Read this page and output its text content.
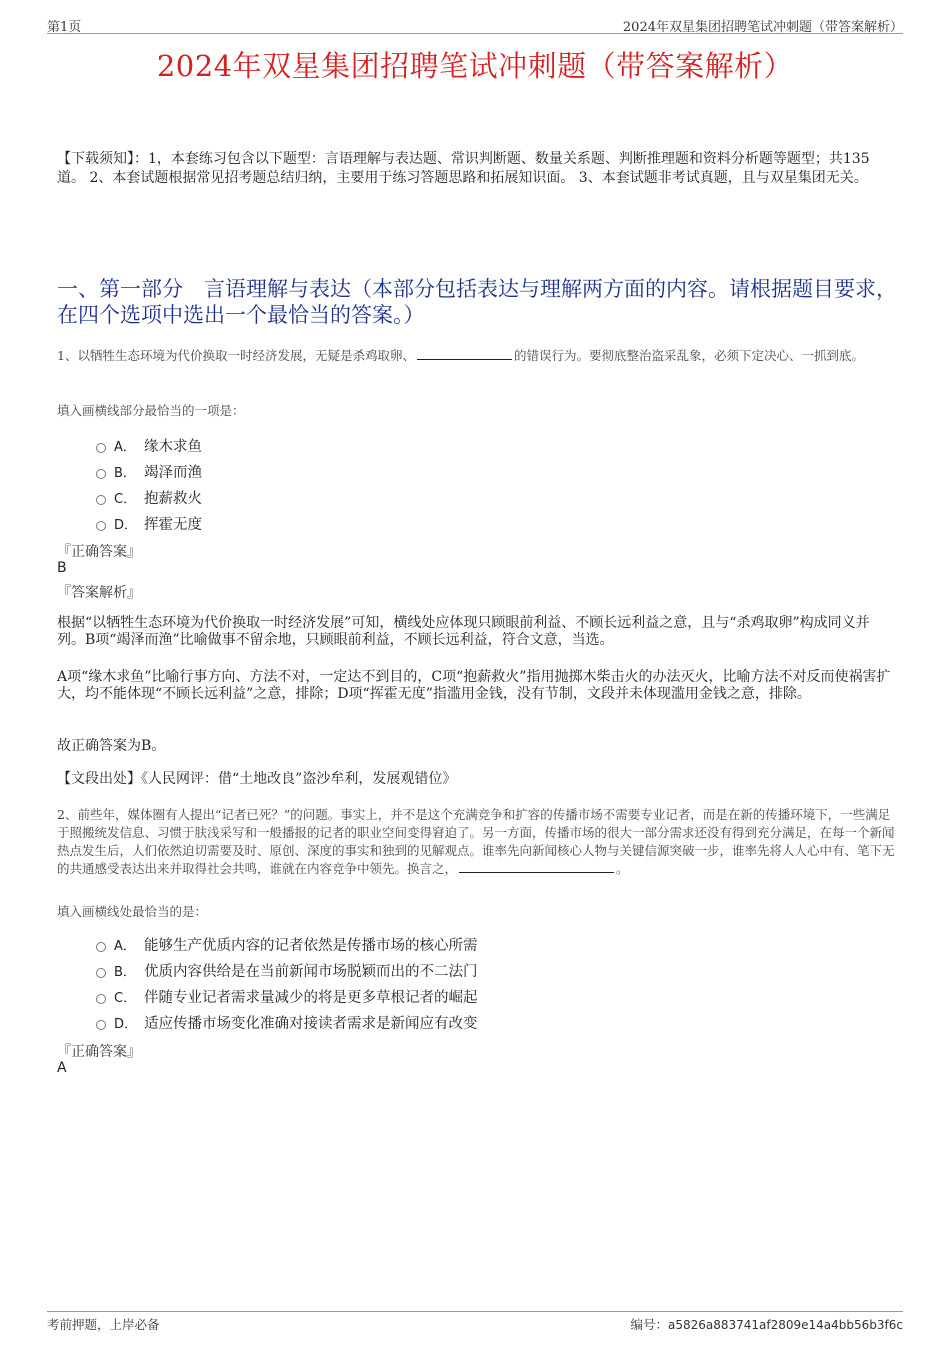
第1页	2024年双星集团招聘笔试冲刺题（带答案解析）
2024年双星集团招聘笔试冲刺题（带答案解析）
【下载须知】：1，本套练习包含以下题型：言语理解与表达题、常识判断题、数量关系题、判断推理题和资料分析题等题型；共135道。 2、本套试题根据常见招考题总结归纳，主要用于练习答题思路和拓展知识面。 3、本套试题非考试真题，且与双星集团无关。
一、第一部分　言语理解与表达（本部分包括表达与理解两方面的内容。请根据题目要求，在四个选项中选出一个最恰当的答案。）
1、以牺牲生态环境为代价换取一时经济发展，无疑是杀鸡取卵、	的错误行为。要彻底整治盗采乱象，必须下定决心、一抓到底。
填入画横线部分最恰当的一项是：
A． 缘木求鱼
B． 竭泽而渔
C． 抱薪救火
D． 挥霍无度
『正确答案』
B
『答案解析』
根据“以牺牲生态环境为代价换取一时经济发展”可知，横线处应体现只顾眼前利益、不顾长远利益之意，且与“杀鸡取卵”构成同义并列。B项“竭泽而渔”比喻做事不留余地，只顾眼前利益，不顾长远利益，符合文意，当选。
A项“缘木求鱼”比喻行事方向、方法不对，一定达不到目的，C项“抱薪救火”指用抛掷木柴击火的办法灭火，比喻方法不对反而使祸害扩大，均不能体现“不顾长远利益”之意，排除；D项“挥霍无度”指滥用金钱，没有节制，文段并未体现滥用金钱之意，排除。
故正确答案为B。
【文段出处】《人民网评：借“土地改良”盗沙牟利，发展观错位》
2、前些年，媒体圈有人提出“记者已死？”的问题。事实上，并不是这个充满竞争和扩容的传播市场不需要专业记者，而是在新的传播环境下，一些满足于照搬统发信息、习惯于肤浅采写和一般播报的记者的职业空间变得窘迫了。另一方面，传播市场的很大一部分需求还没有得到充分满足，在每一个新闻热点发生后，人们依然迫切需要及时、原创、深度的事实和独到的见解观点。谁率先向新闻核心人物与关键信源突破一步，谁率先将人人心中有、笔下无的共通感受表达出来并取得社会共鸣，谁就在内容竞争中领先。换言之，	。
填入画横线处最恰当的是：
A． 能够生产优质内容的记者依然是传播市场的核心所需
B． 优质内容供给是在当前新闻市场脱颖而出的不二法门
C． 伴随专业记者需求量减少的将是更多草根记者的崛起
D． 适应传播市场变化准确对接读者需求是新闻应有改变
『正确答案』
A
考前押题，上岸必备	编号：a5826a883741af2809e14a4bb56b3f6c
